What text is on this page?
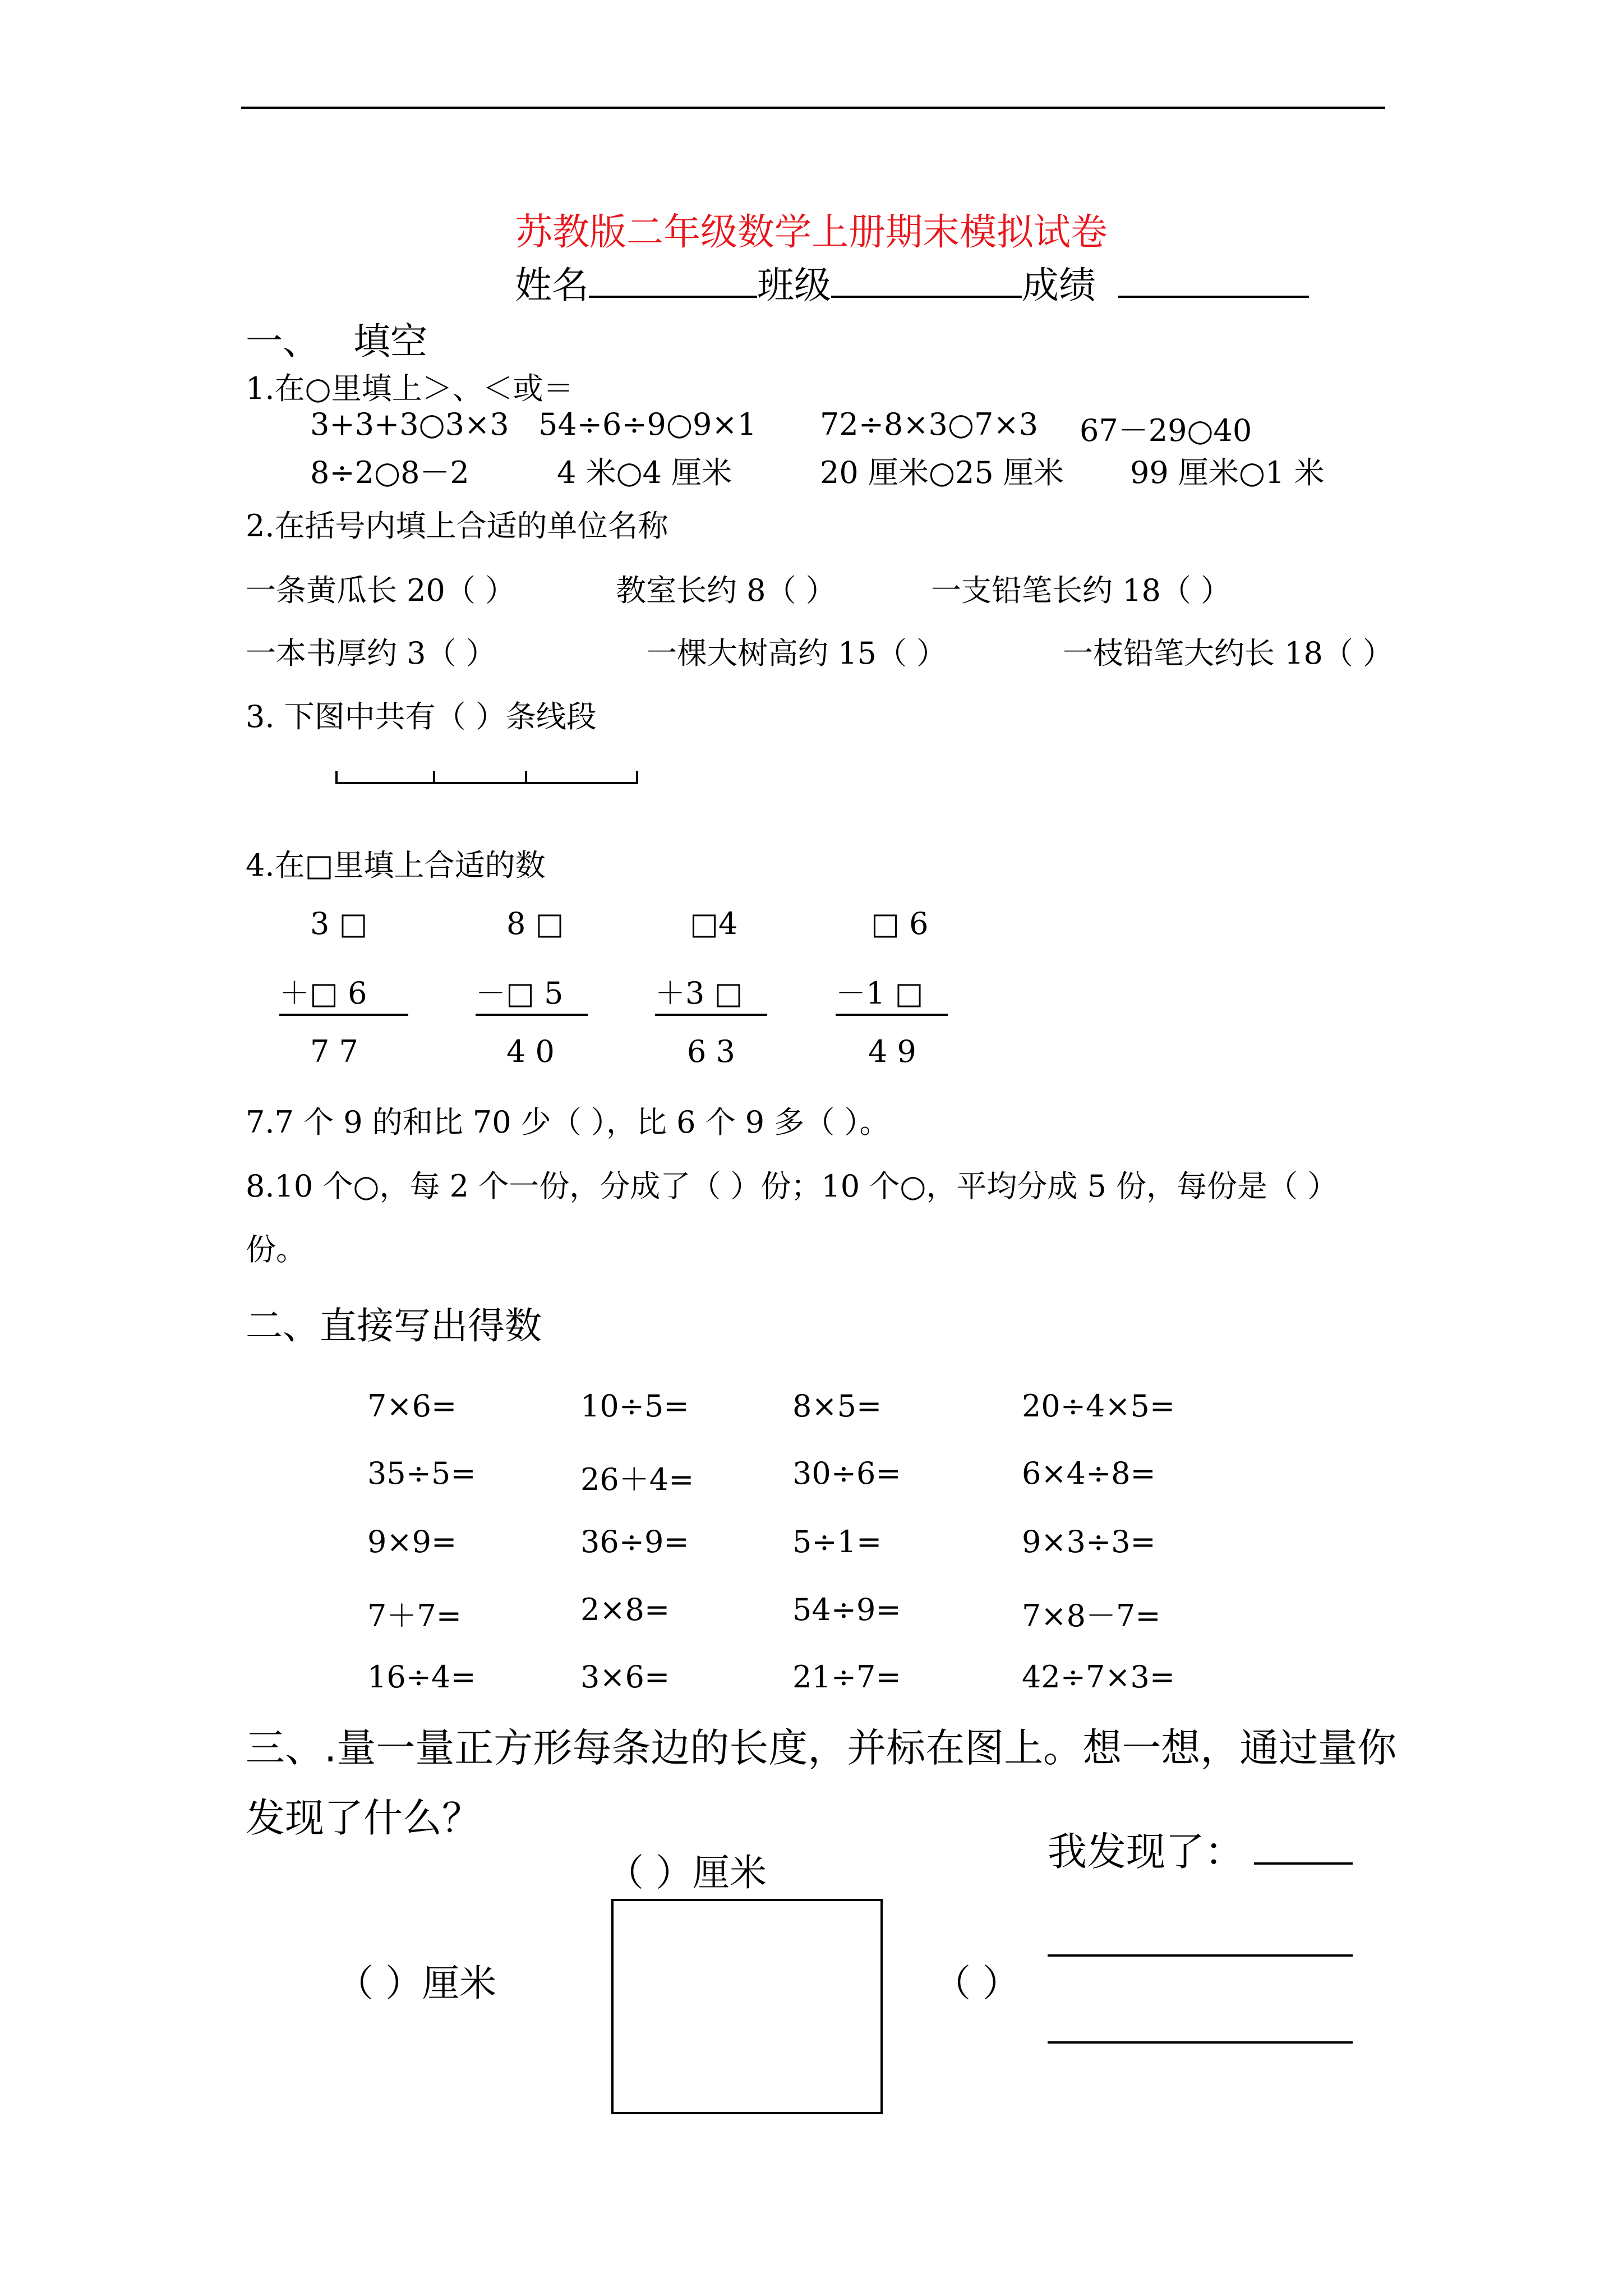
苏教版二年级数学上册期末模拟试卷
姓名	班级	成绩
一、 填空
1.在○里填上＞、＜或＝
3+3+3○3×3 54÷6÷9○9×1 72÷8×3○7×3 67－29○40
8÷2○8－2	4 米○4 厘米	20 厘米○25 厘米 99 厘米○1 米
2.在括号内填上合适的单位名称
一条黄瓜长 20（ ）	教室长约 8（ ）	一支铅笔长约 18（ ）
一本书厚约 3（ ）	一棵大树高约 15（ ）	一枝铅笔大约长 18（ ）
3. 下图中共有（ ）条线段
4.在□里填上合适的数
3 □	8 □	□4	□ 6
＋□ 6	－□ 5	＋3 □	－1 □
7 7	4 0	6 3	4 9
7.7 个 9 的和比 70 少（ ），比 6 个 9 多（ ）。
8.10 个○，每 2 个一份，分成了（ ）份；10 个○，平均分成 5 份，每份是（ ）
份。
二、直接写出得数
7×6=	10÷5=	8×5=	20÷4×5=
35÷5=	26＋4=	30÷6=	6×4÷8=
9×9=	36÷9=	5÷1=	9×3÷3=
7＋7=	2×8=	54÷9=	7×8－7=
16÷4=	3×6=	21÷7=	42÷7×3=
三、.量一量正方形每条边的长度，并标在图上。想一想，通过量你
发现了什么？
（ ）厘米
（ ）厘米	（ ）
我发现了：
